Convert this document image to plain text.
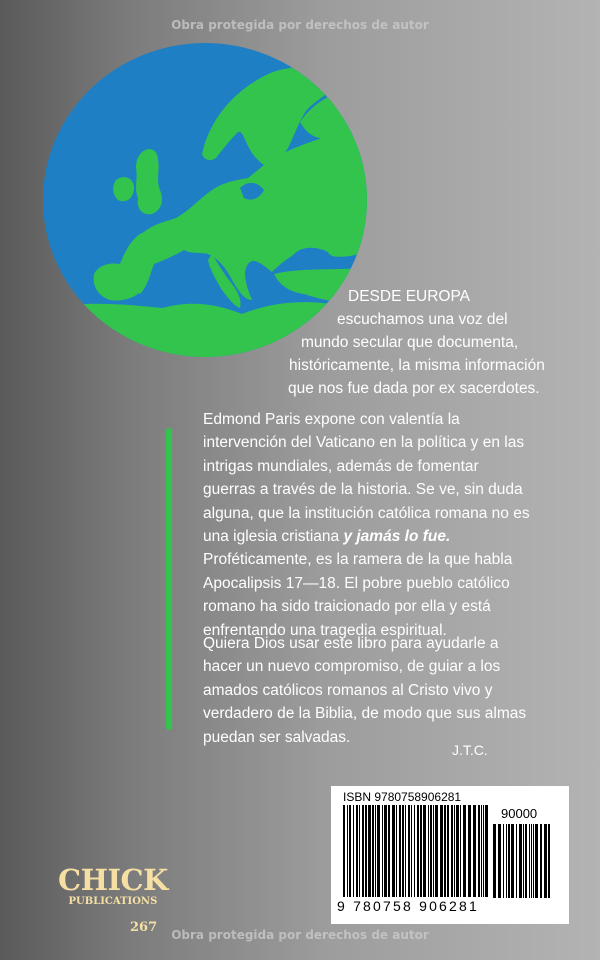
Obra protegida por derechos de autor
DESDE EUROPA
escuchamos una voz del
mundo secular que documenta,
históricamente, la misma información
que nos fue dada por ex sacerdotes.
Edmond Paris expone con valentía la intervención del Vaticano en la política y en las intrigas mundiales, además de fomentar guerras a través de la historia. Se ve, sin duda alguna, que la institución católica romana no es una iglesia cristiana y jamás lo fue. Proféticamente, es la ramera de la que habla Apocalipsis 17—18. El pobre pueblo católico romano ha sido traicionado por ella y está enfrentando una tragedia espiritual.
Quiera Dios usar este libro para ayudarle a hacer un nuevo compromiso, de guiar a los amados católicos romanos al Cristo vivo y verdadero de la Biblia, de modo que sus almas puedan ser salvadas.
J.T.C.
ISBN 9780758906281
90000
9 780758 906281
CHICK
PUBLICATIONS
267	Obra protegida por derechos de autor
